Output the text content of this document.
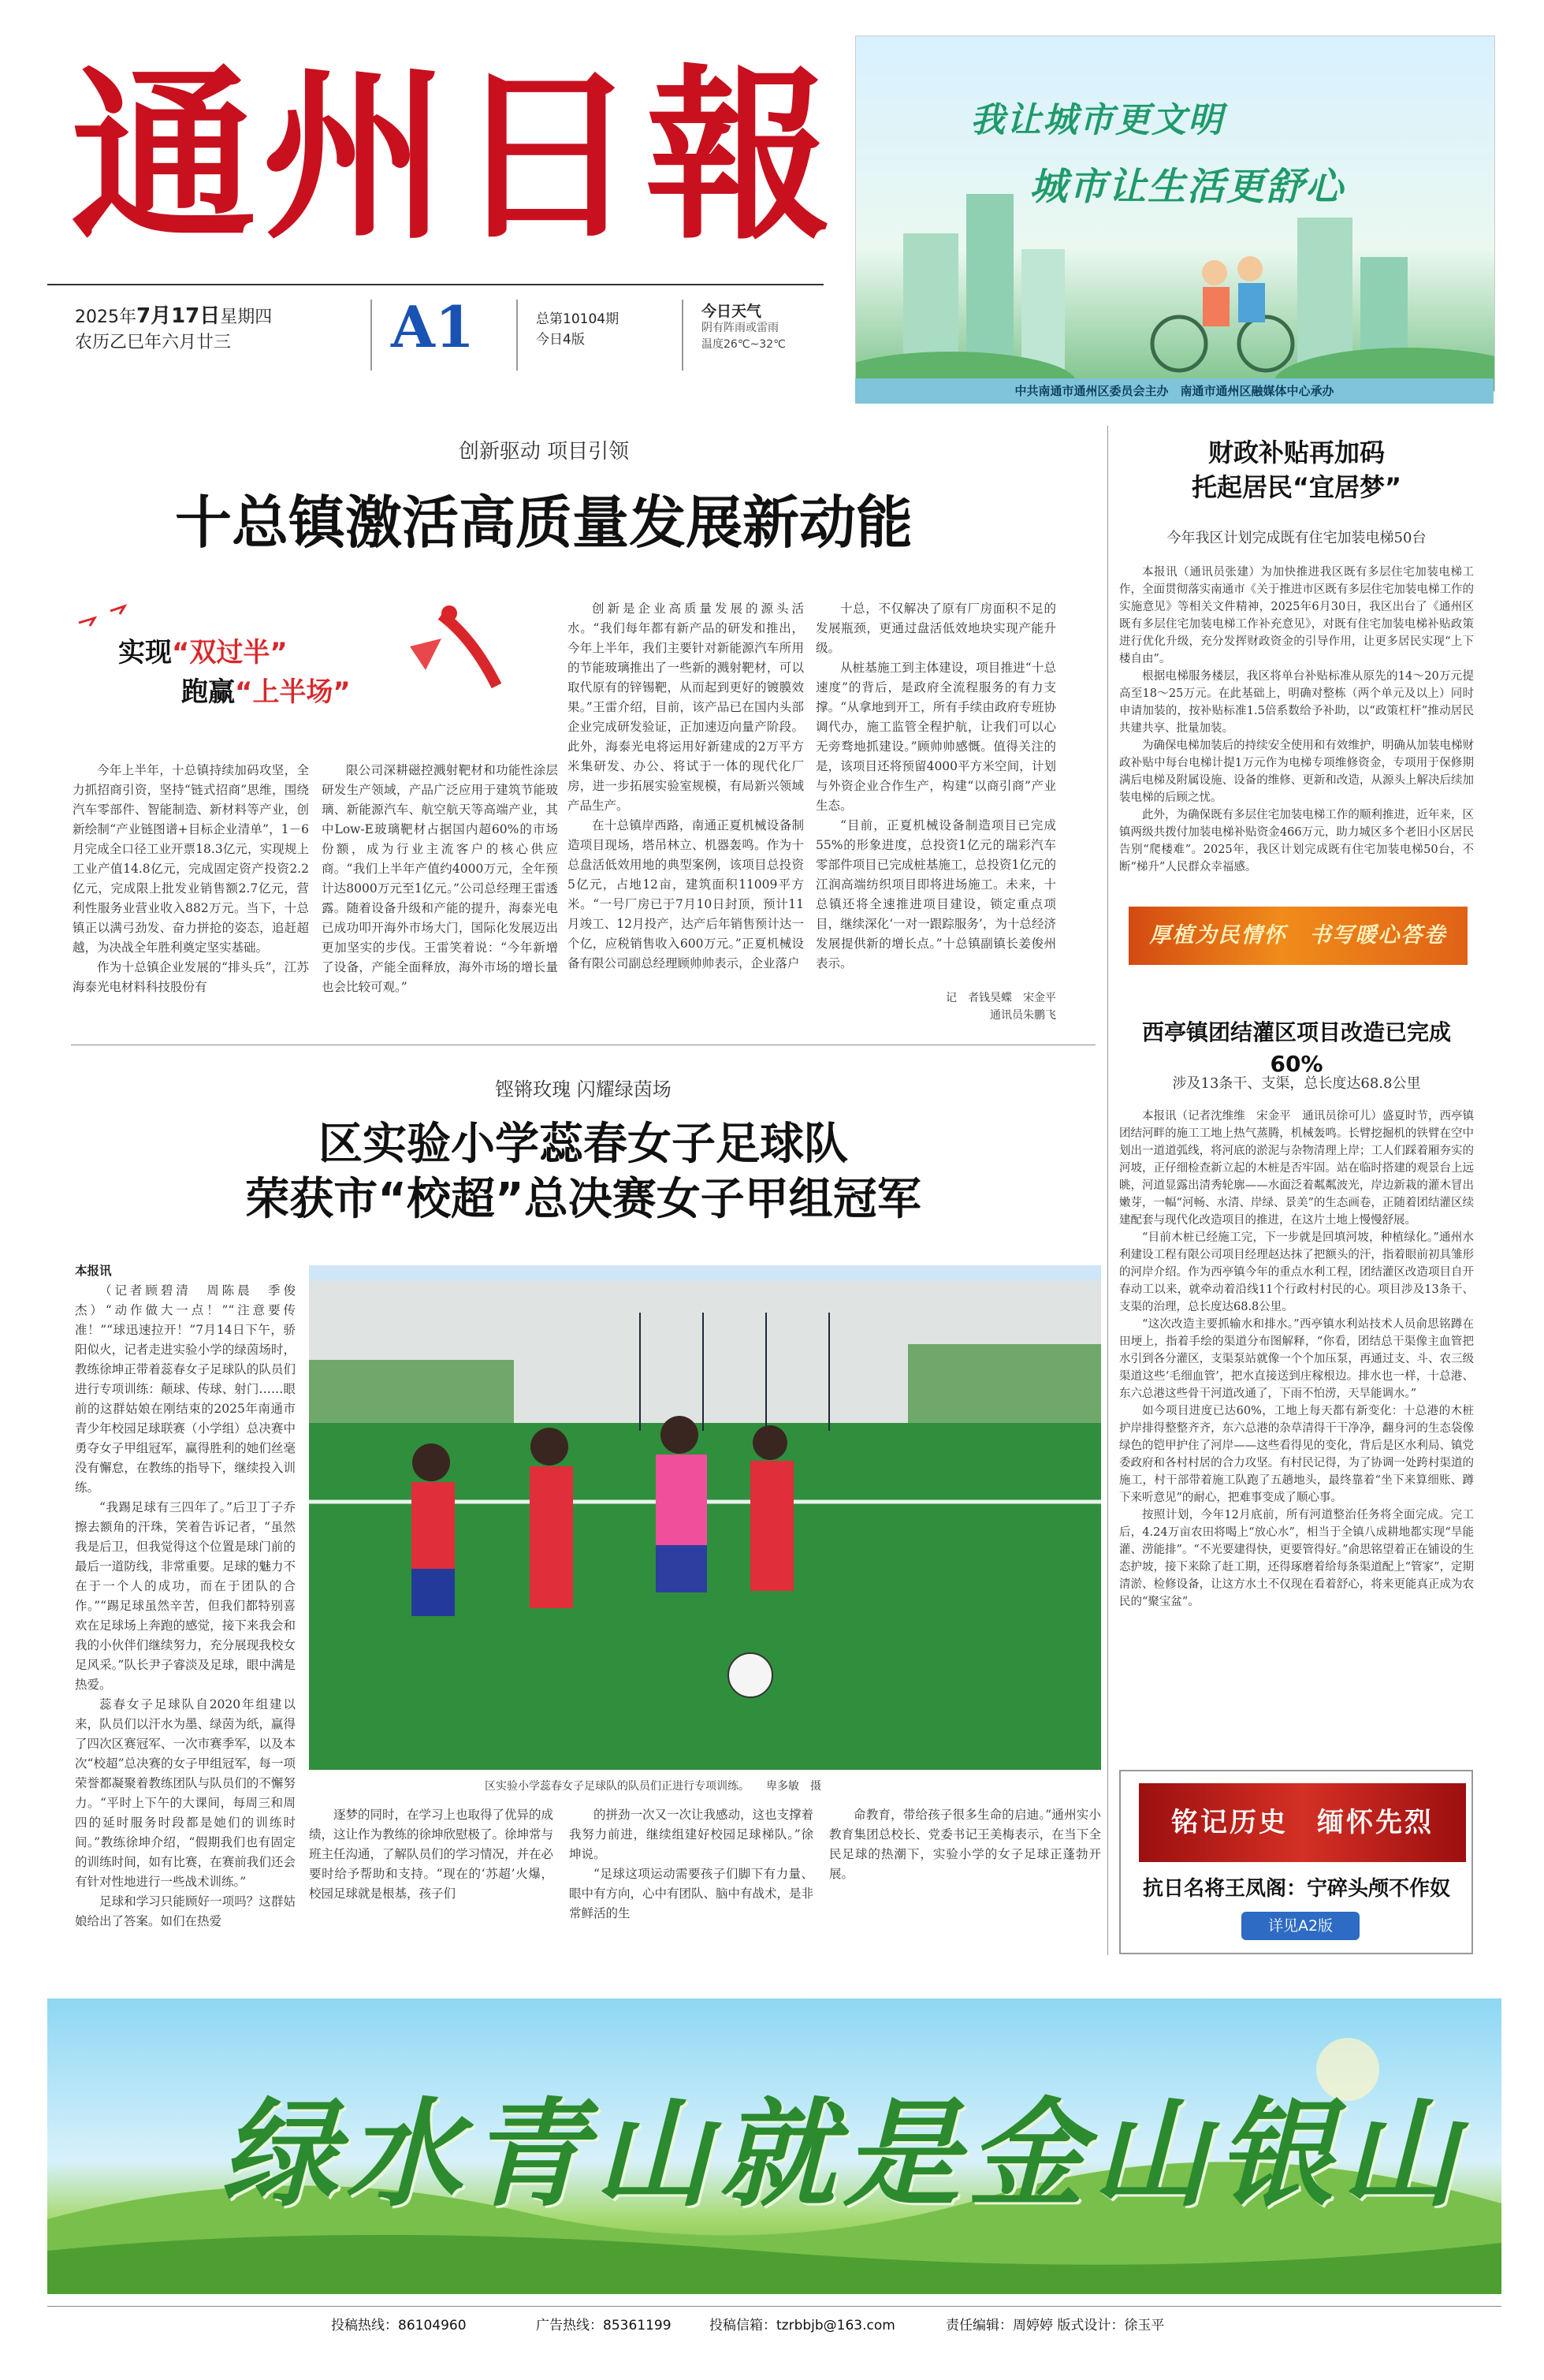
通州日報
2025年7月17日星期四
农历乙巳年六月廿三	A1	总第10104期
今日4版
今日天气
阴有阵雨或雷雨
温度26℃~32℃
我让城市更文明
城市让生活更舒心
中共南通市通州区委员会主办　南通市通州区融媒体中心承办
创新驱动 项目引领
十总镇激活高质量发展新动能
实现“双过半”
跑赢“上半场”

今年上半年，十总镇持续加码攻坚，全力抓招商引资，坚持“链式招商”思维，围绕汽车零部件、智能制造、新材料等产业，创新绘制“产业链图谱+目标企业清单”，1－6月完成全口径工业开票18.3亿元，实现规上工业产值14.8亿元，完成固定资产投资2.2亿元，完成限上批发业销售额2.7亿元，营利性服务业营业收入882万元。当下，十总镇正以满弓劲发、奋力拼抢的姿态，追赶超越，为决战全年胜利奠定坚实基础。

作为十总镇企业发展的“排头兵”，江苏海泰光电材料科技股份有

限公司深耕磁控溅射靶材和功能性涂层研发生产领域，产品广泛应用于建筑节能玻璃、新能源汽车、航空航天等高端产业，其中Low-E玻璃靶材占据国内超60%的市场份额，成为行业主流客户的核心供应商。“我们上半年产值约4000万元，全年预计达8000万元至1亿元。”公司总经理王雷透露。随着设备升级和产能的提升，海泰光电已成功叩开海外市场大门，国际化发展迈出更加坚实的步伐。王雷笑着说：“今年新增了设备，产能全面释放，海外市场的增长量也会比较可观。”

创新是企业高质量发展的源头活水。“我们每年都有新产品的研发和推出，今年上半年，我们主要针对新能源汽车所用的节能玻璃推出了一些新的溅射靶材，可以取代原有的锌锡靶，从而起到更好的镀膜效果。”王雷介绍，目前，该产品已在国内头部企业完成研发验证，正加速迈向量产阶段。此外，海泰光电将运用好新建成的2万平方米集研发、办公、将试于一体的现代化厂房，进一步拓展实验室规模，有局新兴领域产品生产。

在十总镇岸西路，南通正夏机械设备制造项目现场，塔吊林立、机器轰鸣。作为十总盘活低效用地的典型案例，该项目总投资5亿元，占地12亩，建筑面积11009平方米。“一号厂房已于7月10日封顶，预计11月竣工、12月投产，达产后年销售预计达一个亿，应税销售收入600万元。”正夏机械设备有限公司副总经理顾帅帅表示，企业落户

十总，不仅解决了原有厂房面积不足的发展瓶颈，更通过盘活低效地块实现产能升级。

从桩基施工到主体建设，项目推进“十总速度”的背后，是政府全流程服务的有力支撑。“从拿地到开工，所有手续由政府专班协调代办，施工监管全程护航，让我们可以心无旁骛地抓建设。”顾帅帅感慨。值得关注的是，该项目还将预留4000平方米空间，计划与外资企业合作生产，构建“以商引商”产业生态。

“目前，正夏机械设备制造项目已完成55%的形象进度，总投资1亿元的瑞彩汽车零部件项目已完成桩基施工，总投资1亿元的江润高端纺织项目即将进场施工。未来，十总镇还将全速推进项目建设，锁定重点项目，继续深化‘一对一跟踪服务’，为十总经济发展提供新的增长点。”十总镇副镇长姜俊州表示。

记　者钱昊蝶　宋金平
通讯员朱鹏飞
铿锵玫瑰 闪耀绿茵场
区实验小学蕊春女子足球队
荣获市“校超”总决赛女子甲组冠军
本报讯

（记者顾碧清　周陈晨　季俊杰）“动作做大一点！”“注意要传准！”“球迅速拉开！”7月14日下午，骄阳似火，记者走进实验小学的绿茵场时，教练徐坤正带着蕊春女子足球队的队员们进行专项训练：颠球、传球、射门……眼前的这群姑娘在刚结束的2025年南通市青少年校园足球联赛（小学组）总决赛中勇夺女子甲组冠军，赢得胜利的她们丝毫没有懈怠，在教练的指导下，继续投入训练。

“我踢足球有三四年了。”后卫丁子乔擦去额角的汗珠，笑着告诉记者，“虽然我是后卫，但我觉得这个位置是球门前的最后一道防线，非常重要。足球的魅力不在于一个人的成功，而在于团队的合作。”“踢足球虽然辛苦，但我们都特别喜欢在足球场上奔跑的感觉，接下来我会和我的小伙伴们继续努力，充分展现我校女足风采。”队长尹子睿淡及足球，眼中满是热爱。

蕊春女子足球队自2020年组建以来，队员们以汗水为墨、绿茵为纸，赢得了四次区赛冠军、一次市赛季军，以及本次“校超”总决赛的女子甲组冠军，每一项荣誉都凝聚着教练团队与队员们的不懈努力。“平时上下午的大课间，每周三和周四的延时服务时段都是她们的训练时间。”教练徐坤介绍，“假期我们也有固定的训练时间，如有比赛，在赛前我们还会有针对性地进行一些战术训练。”

足球和学习只能顾好一项吗？这群姑娘给出了答案。如们在热爱

区实验小学蕊春女子足球队的队员们正进行专项训练。　　 卑多敏　摄

逐梦的同时，在学习上也取得了优异的成绩，这让作为教练的徐坤欣慰极了。徐坤常与班主任沟通，了解队员们的学习情况，并在必要时给予帮助和支持。“现在的‘苏超’火爆，校园足球就是根基，孩子们

的拼劲一次又一次让我感动，这也支撑着我努力前进，继续组建好校园足球梯队。”徐坤说。

“足球这项运动需要孩子们脚下有力量、眼中有方向，心中有团队、脑中有战术，是非常鲜活的生

命教育，带给孩子很多生命的启迪。”通州实小教育集团总校长、党委书记王美梅表示，在当下全民足球的热潮下，实验小学的女子足球正蓬勃开展。

财政补贴再加码
托起居民“宜居梦”
今年我区计划完成既有住宅加装电梯50台

本报讯（通讯员张建）为加快推进我区既有多层住宅加装电梯工作，全面贯彻落实南通市《关于推进市区既有多层住宅加装电梯工作的实施意见》等相关文件精神，2025年6月30日，我区出台了《通州区既有多层住宅加装电梯工作补充意见》，对既有住宅加装电梯补贴政策进行优化升级，充分发挥财政资金的引导作用，让更多居民实现“上下楼自由”。

根据电梯服务楼层，我区将单台补贴标准从原先的14～20万元提高至18～25万元。在此基础上，明确对整栋（两个单元及以上）同时申请加装的，按补贴标准1.5倍系数给予补助，以“政策杠杆”推动居民共建共享、批量加装。

为确保电梯加装后的持续安全使用和有效维护，明确从加装电梯财政补贴中每台电梯计提1万元作为电梯专项维修资金，专项用于保修期满后电梯及附属设施、设备的维修、更新和改造，从源头上解决后续加装电梯的后顾之忧。

此外，为确保既有多层住宅加装电梯工作的顺利推进，近年来，区镇两级共拨付加装电梯补贴资金466万元，助力城区多个老旧小区居民告别“爬楼难”。2025年，我区计划完成既有住宅加装电梯50台，不断“梯升”人民群众幸福感。

厚植为民情怀　书写暖心答卷
西亭镇团结灌区项目改造已完成60%
涉及13条干、支渠，总长度达68.8公里

本报讯（记者沈维维　宋金平　通讯员徐可儿）盛夏时节，西亭镇团结河畔的施工工地上热气蒸腾，机械轰鸣。长臂挖掘机的铁臂在空中划出一道道弧线，将河底的淤泥与杂物清理上岸；工人们踩着厢夯实的河坡，正仔细检查新立起的木桩是否牢固。站在临时搭建的观景台上远眺，河道显露出清秀轮廓——水面泛着粼粼波光，岸边新栽的灌木冒出嫩芽，一幅“河畅、水清、岸绿、景美”的生态画卷，正随着团结灌区续建配套与现代化改造项目的推进，在这片土地上慢慢舒展。

“目前木桩已经施工完，下一步就是回填河坡，种植绿化。”通州水利建设工程有限公司项目经理赵达抹了把额头的汗，指着眼前初具雏形的河岸介绍。作为西亭镇今年的重点水利工程，团结灌区改造项目自开春动工以来，就牵动着沿线11个行政村村民的心。项目涉及13条干、支渠的治理，总长度达68.8公里。

“这次改造主要抓输水和排水。”西亭镇水利站技术人员俞思铭蹲在田埂上，指着手绘的渠道分布图解释，“你看，团结总干渠像主血管把水引到各分灌区，支渠泵站就像一个个加压泵，再通过支、斗、农三级渠道这些‘毛细血管’，把水直接送到庄稼根边。排水也一样，十总港、东六总港这些骨干河道改通了，下雨不怕涝，天旱能调水。”

如今项目进度已达60%，工地上每天都有新变化：十总港的木桩护岸排得整整齐齐，东六总港的杂草清得干干净净，翻身河的生态袋像绿色的铠甲护住了河岸——这些看得见的变化，背后是区水利局、镇党委政府和各村村居的合力攻坚。有村民记得，为了协调一处跨村渠道的施工，村干部带着施工队跑了五趟地头，最终靠着“坐下来算细账、蹲下来听意见”的耐心，把难事变成了顺心事。

按照计划，今年12月底前，所有河道整治任务将全面完成。完工后，4.24万亩农田将喝上“放心水”，相当于全镇八成耕地都实现“旱能灌、涝能排”。“不光要建得快，更要管得好。”俞思铭望着正在铺设的生态护坡，接下来除了赶工期，还得琢磨着给每条渠道配上“管家”，定期清淤、检修设备，让这方水土不仅现在看着舒心，将来更能真正成为农民的“聚宝盆”。

铭记历史　缅怀先烈
抗日名将王凤阁：宁碎头颅不作奴
详见A2版
绿水青山就是金山银山
投稿热线：86104960	广告热线：85361199	投稿信箱：tzrbbjb@163.com	责任编辑：周婷婷 版式设计：徐玉平
